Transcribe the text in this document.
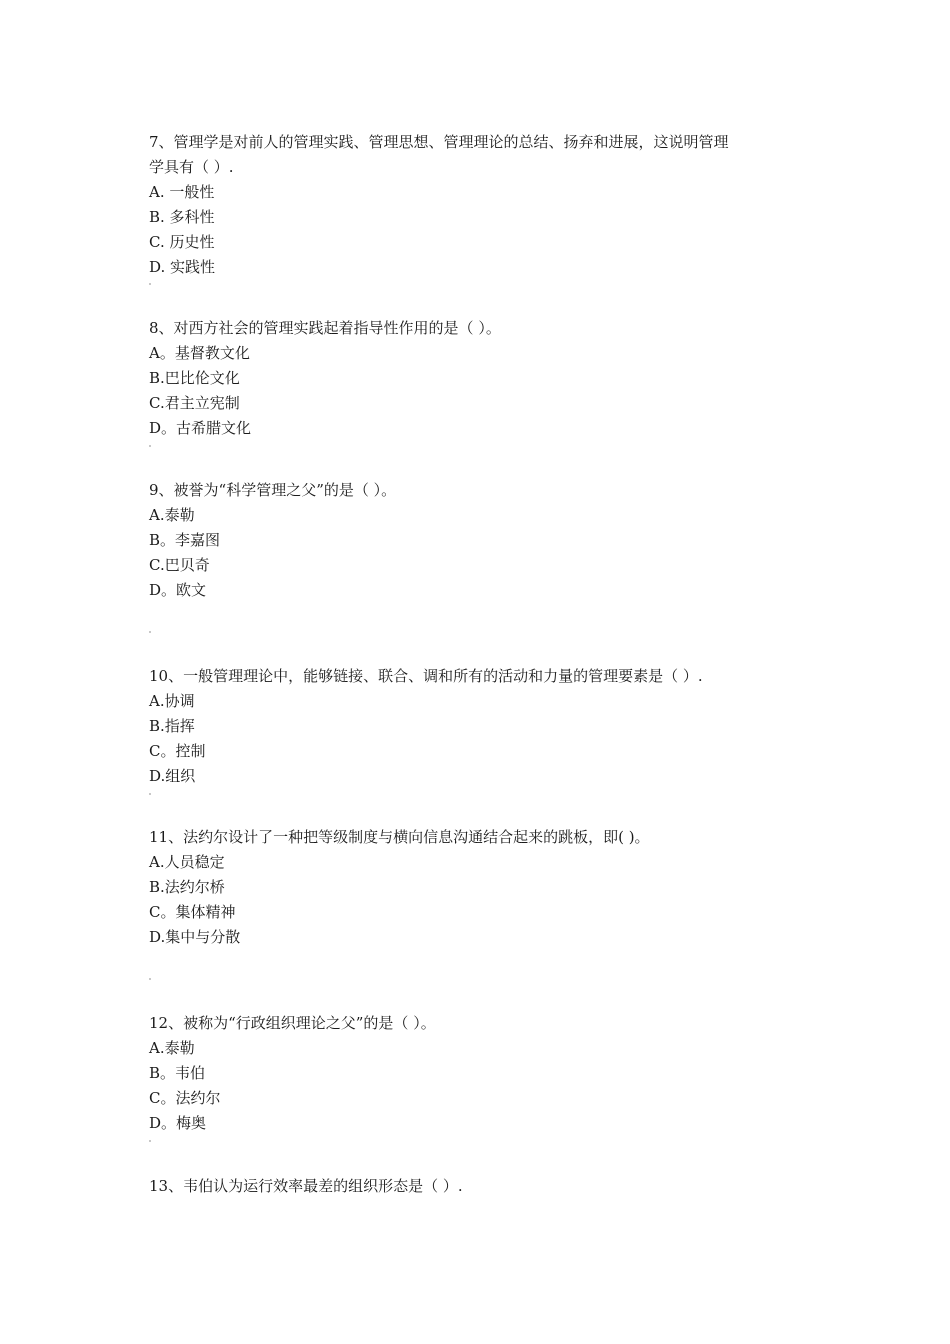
7、管理学是对前人的管理实践、管理思想、管理理论的总结、扬弃和进展，这说明管理
学具有（ ）.
A. 一般性
B. 多科性
C. 历史性
D. 实践性
8、对西方社会的管理实践起着指导性作用的是（ ）。
A。基督教文化
B.巴比伦文化
C.君主立宪制
D。古希腊文化
9、被誉为“科学管理之父”的是（ ）。
A.泰勒
B。李嘉图
C.巴贝奇
D。欧文
10、一般管理理论中，能够链接、联合、调和所有的活动和力量的管理要素是（ ）.
A.协调
B.指挥
C。控制
D.组织
11、法约尔设计了一种把等级制度与横向信息沟通结合起来的跳板，即( )。
A.人员稳定
B.法约尔桥
C。集体精神
D.集中与分散
12、被称为“行政组织理论之父”的是（ ）。
A.泰勒
B。韦伯
C。法约尔
D。梅奥
13、韦伯认为运行效率最差的组织形态是（ ）.
